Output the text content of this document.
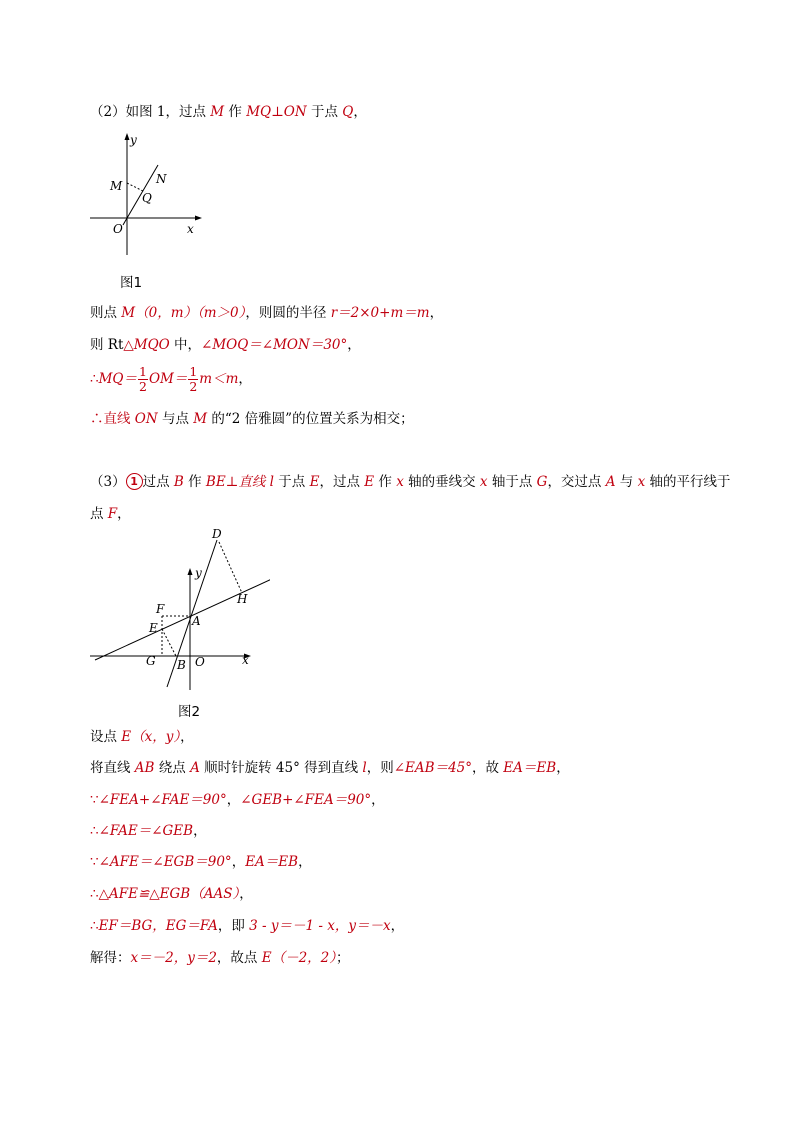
（2）如图 1，过点 M 作 MQ⊥ON 于点 Q，
y
M	N
Q
O	x
图1
则点 M（0，m）（m＞0），则圆的半径 r＝2×0+m＝m，
则 Rt△MQO 中，∠MOQ＝∠MON＝30°，
∴MQ＝ $\frac{1}{2} OM= \frac{1}{2} m<m$，
∴直线 ON 与点 M 的“2 倍雅圆”的位置关系为相交；
（3） 1 过点 B 作 BE⊥直线 l 于点 E，过点 E 作 x 轴的垂线交 x 轴于点 G，交过点 A 与 x 轴的平行线于
点 F，
D
y
H
F
E	A
G B O	x
图2
设点 E（x，y），
将直线 AB 绕点 A 顺时针旋转 45° 得到直线 l，则∠EAB＝45°，故 EA＝EB，
∵∠FEA+∠FAE＝90°，∠GEB+∠FEA＝90°，
∴∠FAE＝∠GEB，
∵∠AFE＝∠EGB＝90°，EA＝EB，
∴△AFE≌△EGB（AAS），
∴EF＝BG，EG＝FA，即 3 - y＝－1 - x，y＝－x，
解得：x＝－2，y＝2，故点 E（－2，2）；
